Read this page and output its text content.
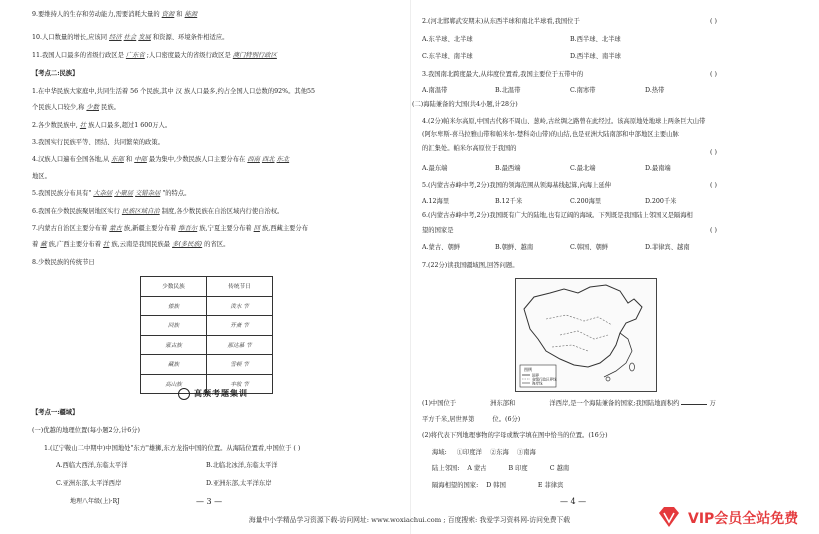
9.要维持人的生存和劳动能力,需要消耗大量的 资源 和 能源
10.人口数量的增长,应该同 经济 社会 发展 和资源、环境条件相适应。
11.我国人口最多的省级行政区是 广东省 ;人口密度最大的省级行政区是 澳门特别行政区
【考点二:民族】
1.在中华民族大家庭中,共同生活着 56 个民族,其中 汉 族人口最多,约占全国人口总数的92%。其他55
个民族人口较少,称 少数 民族。
2.各少数民族中, 壮 族人口最多,超过1 600万人。
3.我国实行民族平等、团结、共同繁荣的政策。
4.汉族人口遍布全国各地,从 东部 和 中部 最为集中,少数民族人口主要分布在 西南 西北 东北
地区。
5.我国民族分布具有" 大杂居 小聚居 交错杂居 "的特点。
6.我国在少数民族聚居地区实行 民族区域自治 制度,各少数民族在自治区域内行使自治权。
7.内蒙古自治区主要分布着 蒙古 族,新疆主要分布着 维吾尔 族,宁夏主要分布着 回 族,西藏主要分布
着 藏 族,广西主要分布着 壮 族,云南是我国民族最 多(多民族) 的省区。
8.少数民族的传统节日
少数民族	传统节日
傣族	泼水 节
回族	开斋 节
蒙古族	那达慕 节
藏族	雪顿 节
高山族	丰收 节
高频考题集训
【考点一:疆域】
(一)优越的地理位置(每小题2分,计6分)
1.(辽宁鞍山二中期中)中国地处"东方"雄狮,东方龙指中国的位置。从海陆位置看,中国位于 ( )
A.西临大西洋,东临太平洋	B.北临北冰洋,东临太平洋
C.亚洲东部,太平洋西岸	D.亚洲东部,太平洋东岸
地理八年级(上)·RJ	— 3 —
2.(河北邯郸武安期末)从东西半球和南北半球看,我国位于	( )
A.东半球、北半球	B.西半球、北半球
C.东半球、南半球	D.西半球、南半球
3.我国南北跨度最大,从纬度位置看,我国主要位于五带中的	( )
A.南温带	B.北温带	C.南寒带	D.热带
(二)海陆兼备的大国(共4小题,计28分)
4.(2分)帕米尔高原,中国古代称不周山、葱岭,古丝绸之路曾在此经过。该高原地处地球上两条巨大山带
(阿尔卑斯-喜马拉雅山带和帕米尔-楚科奇山带)的山结,也是亚洲大陆南部和中部地区主要山脉
的汇集处。帕米尔高原位于我国的
( )
A.最东端	B.最西端	C.最北端	D.最南端
5.(内蒙古赤峰中考,2分)我国的领海范围从领海基线起算,向海上延伸	( )
A.12海里	B.12千米	C.200海里	D.200千米
6.(内蒙古赤峰中考,2分)我国既有广大的陆地,也有辽阔的海域。下列既是我国陆上邻国又是隔海相
望的国家是	( )
A.蒙古、朝鲜	B.朝鲜、越南	C.韩国、朝鲜	D.菲律宾、越南
7.(22分)读我国疆域图,回答问题。
(1)中国位于	洲东部和	洋西岸,是一个海陆兼备的国家;我国陆地面积约	万
平方千米,居世界第	位。(6分)
(2)将代表下列地理事物的字母或数字填在图中恰当的位置。(16分)
海域: ①印度洋 ②东海 ③南海
陆上邻国: A 蒙古	B 印度	C 越南
隔海相望的国家: D 韩国	E 菲律宾
— 4 —
图例
国界
省级行政区界线
海岸线
海量中小学精品学习资源下载-访问网址: www.woxiachui.com ; 百度搜索: 我爱学习资料网-访问免费下载	VIP会员全站免费
